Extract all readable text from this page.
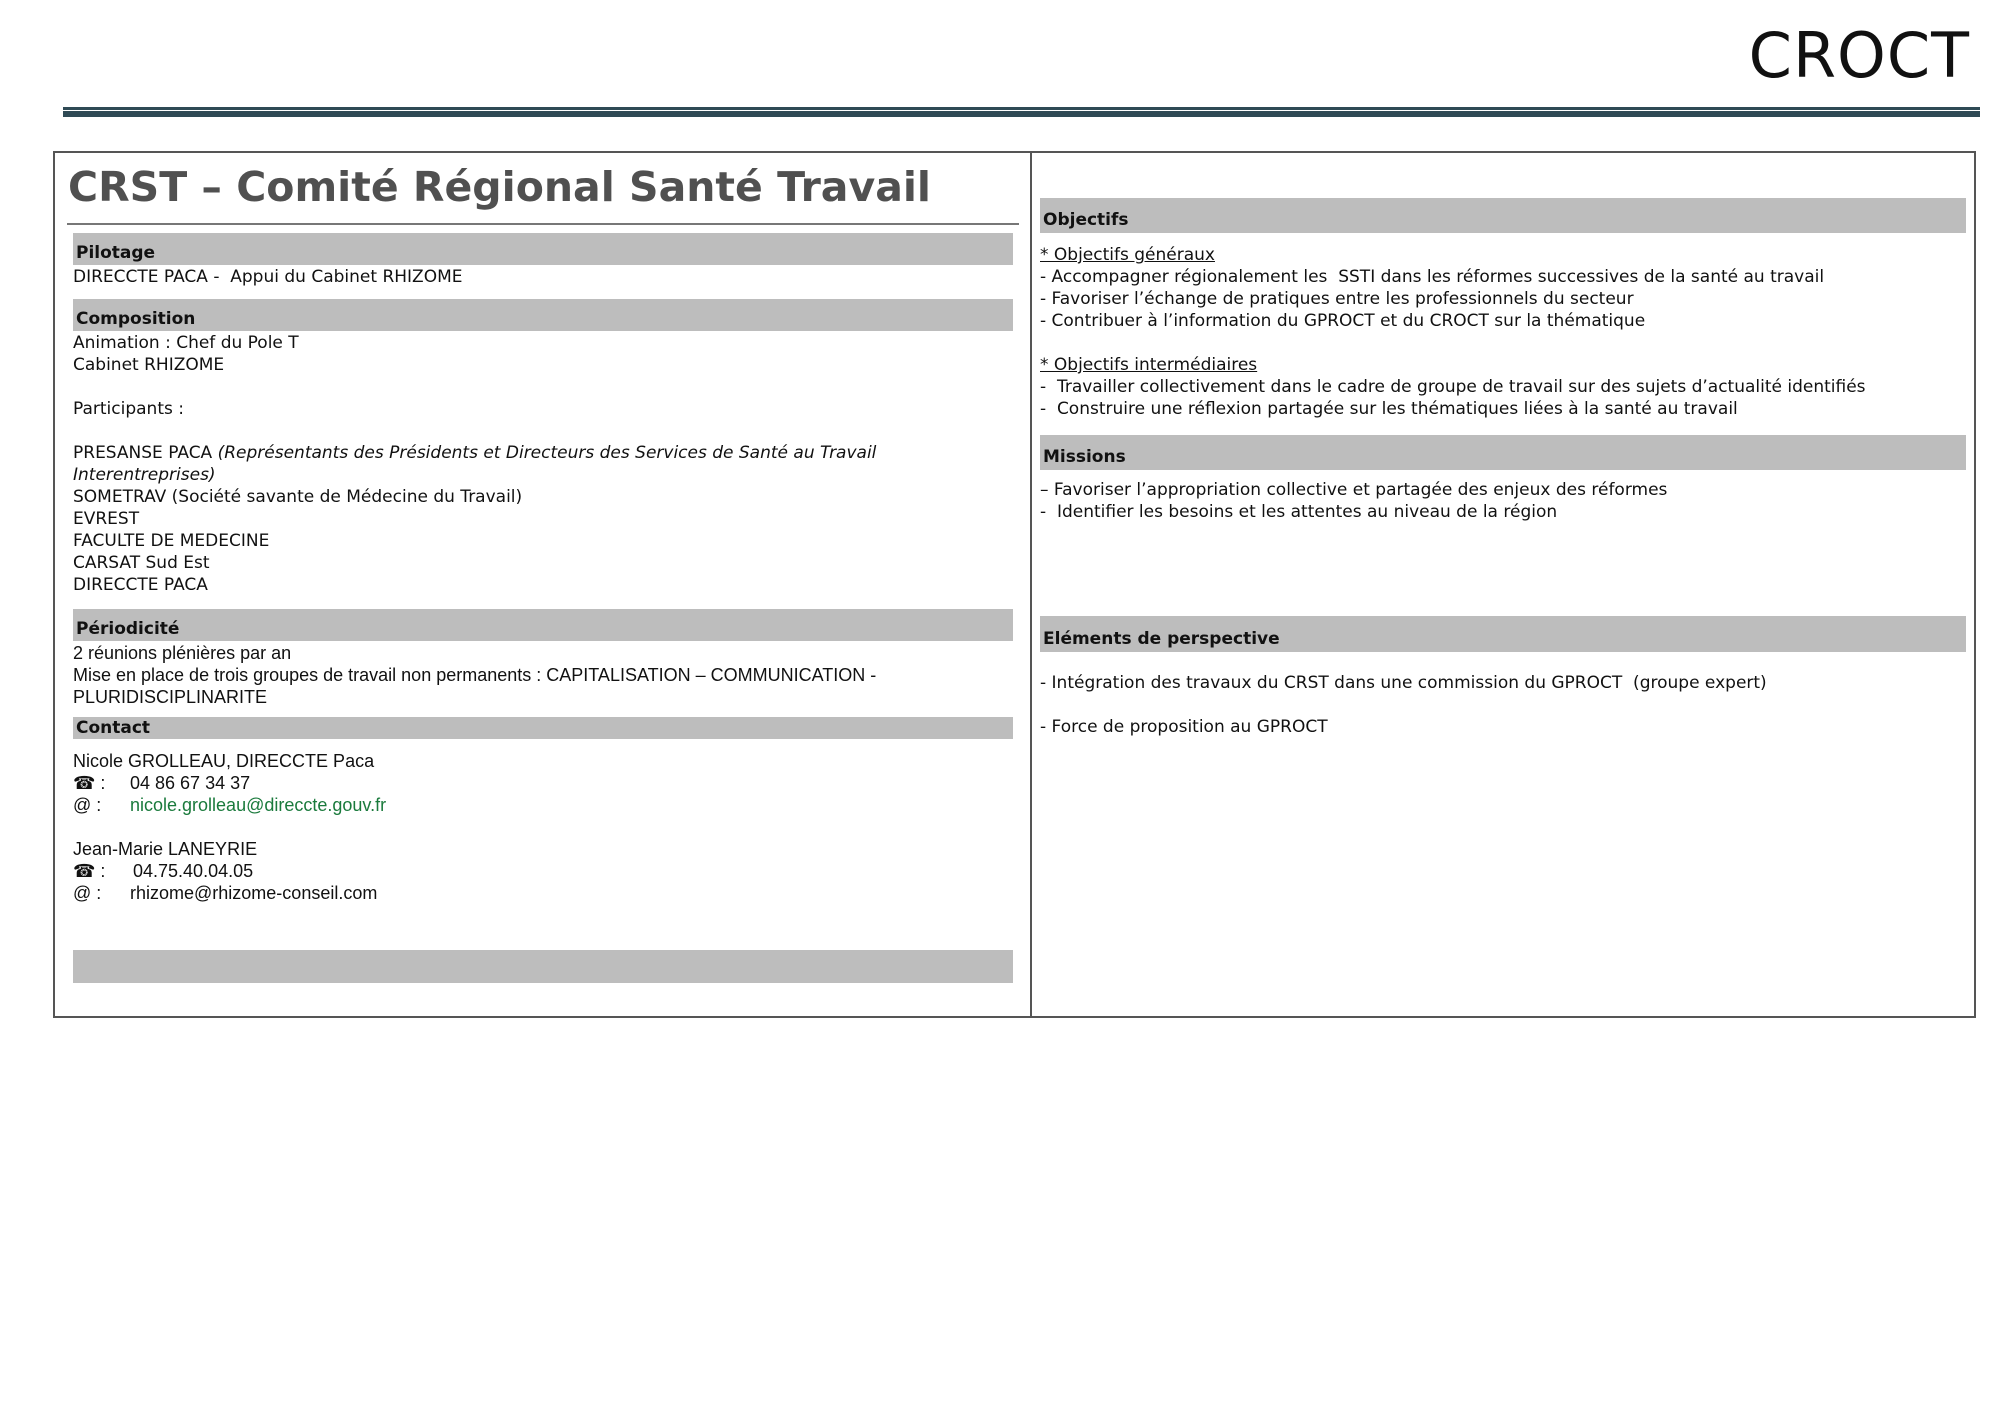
CROCT
CRST – Comité Régional Santé Travail
Pilotage

DIRECCTE PACA -  Appui du Cabinet RHIZOME

Composition

Animation : Chef du Pole T

Cabinet RHIZOME

Participants :

PRESANSE PACA (Représentants des Présidents et Directeurs des Services de Santé au Travail

Interentreprises)

SOMETRAV (Société savante de Médecine du Travail)

EVREST

FACULTE DE MEDECINE

CARSAT Sud Est

DIRECCTE PACA

Périodicité

2 réunions plénières par an

Mise en place de trois groupes de travail non permanents : CAPITALISATION – COMMUNICATION -

PLURIDISCIPLINARITE

Contact

Nicole GROLLEAU, DIRECCTE Paca

☎ :	04 86 67 34 37
@ :	nicole.grolleau@direccte.gouv.fr

Jean-Marie LANEYRIE

☎ :	04.75.40.04.05
@ :	rhizome@rhizome-conseil.com
Objectifs

* Objectifs généraux

- Accompagner régionalement les  SSTI dans les réformes successives de la santé au travail

- Favoriser l’échange de pratiques entre les professionnels du secteur

- Contribuer à l’information du GPROCT et du CROCT sur la thématique

* Objectifs intermédiaires

-  Travailler collectivement dans le cadre de groupe de travail sur des sujets d’actualité identifiés

-  Construire une réflexion partagée sur les thématiques liées à la santé au travail

Missions

– Favoriser l’appropriation collective et partagée des enjeux des réformes

-  Identifier les besoins et les attentes au niveau de la région

Eléments de perspective

- Intégration des travaux du CRST dans une commission du GPROCT  (groupe expert)

- Force de proposition au GPROCT
